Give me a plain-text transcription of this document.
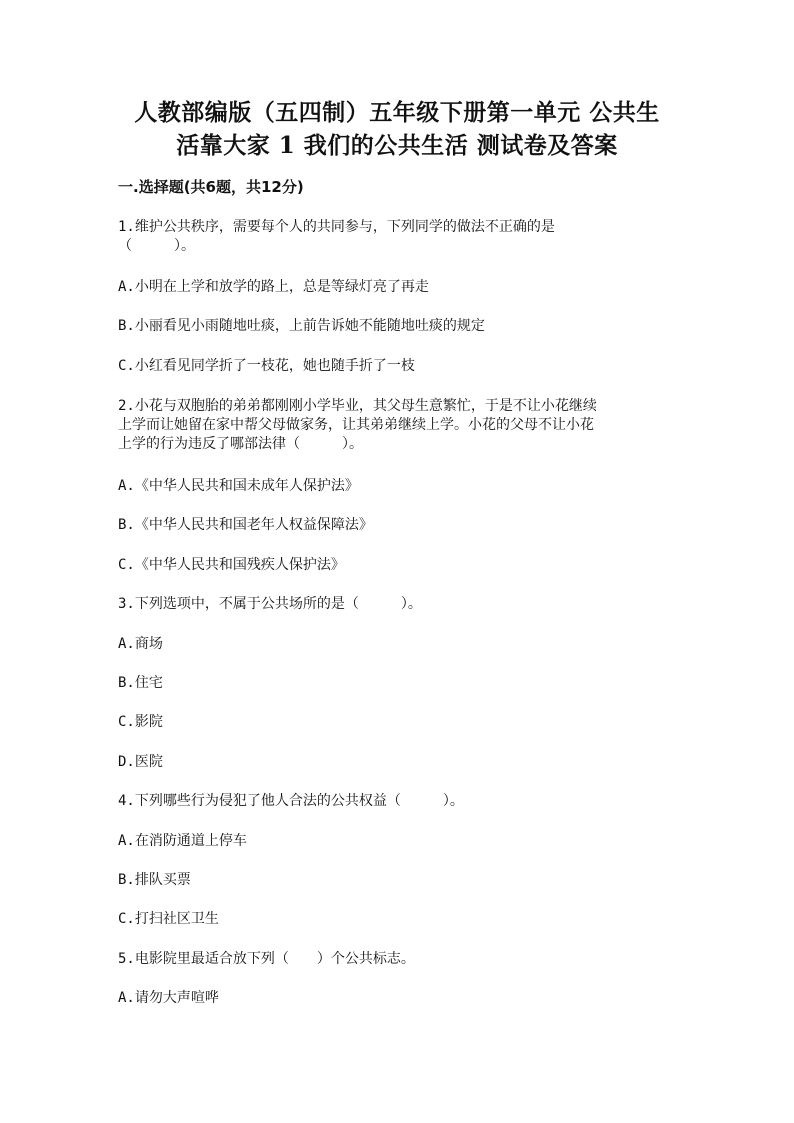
人教部编版（五四制）五年级下册第一单元 公共生
活靠大家 1 我们的公共生活 测试卷及答案
一.选择题(共6题，共12分)
1.维护公共秩序，需要每个人的共同参与，下列同学的做法不正确的是
（　　　）。
A.小明在上学和放学的路上，总是等绿灯亮了再走
B.小丽看见小雨随地吐痰，上前告诉她不能随地吐痰的规定
C.小红看见同学折了一枝花，她也随手折了一枝
2.小花与双胞胎的弟弟都刚刚小学毕业，其父母生意繁忙，于是不让小花继续
上学而让她留在家中帮父母做家务，让其弟弟继续上学。小花的父母不让小花
上学的行为违反了哪部法律（　　　）。
A.《中华人民共和国未成年人保护法》
B.《中华人民共和国老年人权益保障法》
C.《中华人民共和国残疾人保护法》
3.下列选项中，不属于公共场所的是（　　　）。
A.商场
B.住宅
C.影院
D.医院
4.下列哪些行为侵犯了他人合法的公共权益（　　　）。
A.在消防通道上停车
B.排队买票
C.打扫社区卫生
5.电影院里最适合放下列（　　）个公共标志。
A.请勿大声喧哗
